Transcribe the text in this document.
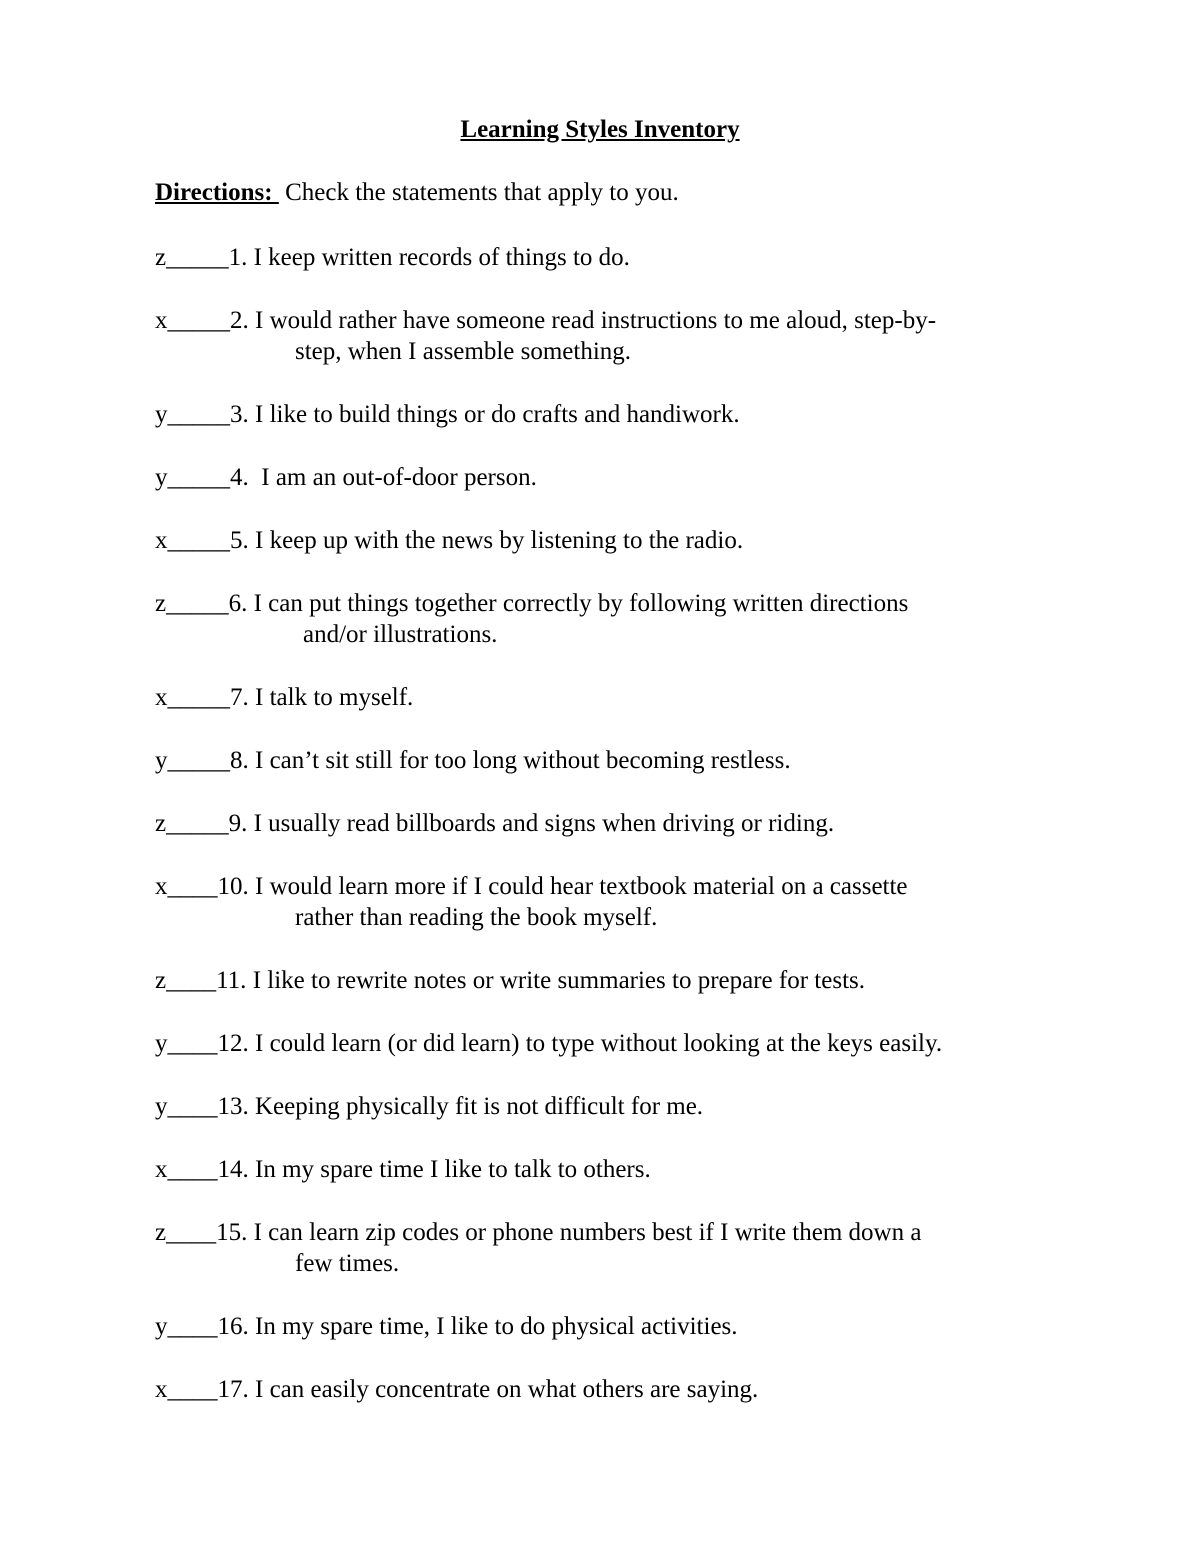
Learning Styles Inventory
Directions:  Check the statements that apply to you.
z_____1. I keep written records of things to do.
x_____2. I would rather have someone read instructions to me aloud, step-by-
step, when I assemble something.
y_____3. I like to build things or do crafts and handiwork.
y_____4.  I am an out-of-door person.
x_____5. I keep up with the news by listening to the radio.
z_____6. I can put things together correctly by following written directions
and/or illustrations.
x_____7. I talk to myself.
y_____8. I can’t sit still for too long without becoming restless.
z_____9. I usually read billboards and signs when driving or riding.
x____10. I would learn more if I could hear textbook material on a cassette
rather than reading the book myself.
z____11. I like to rewrite notes or write summaries to prepare for tests.
y____12. I could learn (or did learn) to type without looking at the keys easily.
y____13. Keeping physically fit is not difficult for me.
x____14. In my spare time I like to talk to others.
z____15. I can learn zip codes or phone numbers best if I write them down a
few times.
y____16. In my spare time, I like to do physical activities.
x____17. I can easily concentrate on what others are saying.
